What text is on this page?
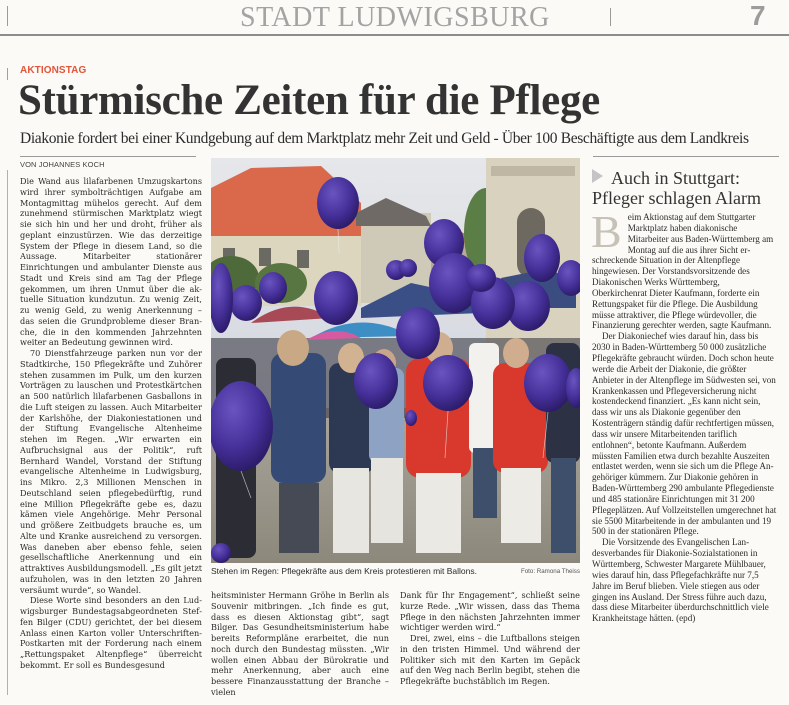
STADT LUDWIGSBURG	7
AKTIONSTAG
Stürmische Zeiten für die Pflege
Diakonie fordert bei einer Kundgebung auf dem Marktplatz mehr Zeit und Geld - Über 100 Beschäftigte aus dem Landkreis
VON JOHANNES KOCH

Die Wand aus lilafarbenen Umzugskartons wird ihrer symbolträchtigen Aufgabe am Montagmittag mühelos gerecht. Auf dem zunehmend stürmischen Marktplatz wiegt sie sich hin und her und droht, früher als geplant einzustürzen. Wie das derzeitige System der Pflege in diesem Land, so die Aussage. Mitarbeiter stationärer Einrichtungen und ambulanter Dienste aus Stadt und Kreis sind am Tag der Pflege gekommen, um ihren Unmut über die aktuelle Situation kundzutun. Zu wenig Zeit, zu wenig Geld, zu wenig Anerkennung – das seien die Grundprobleme dieser Branche, die in den kommenden Jahrzehnten weiter an Bedeutung gewinnen wird.

70 Dienstfahrzeuge parken nun vor der Stadtkirche, 150 Pflegekräfte und Zuhörer stehen zusammen im Pulk, um den kurzen Vorträgen zu lauschen und Protestkärtchen an 500 natürlich lilafarbenen Gasballons in die Luft steigen zu lassen. Auch Mitarbeiter der Karlshöhe, der Diakoniestationen und der Stiftung Evangelische Altenheime stehen im Regen. „Wir erwarten ein Aufbruchsignal aus der Politik“, ruft Bernhard Wandel, Vorstand der Stiftung evangelische Altenheime in Ludwigsburg, ins Mikro. 2,3 Millionen Menschen in Deutschland seien pflegebedürftig, rund eine Million Pflegekräfte gebe es, dazu kämen viele Angehörige. Mehr Personal und größere Zeitbudgets brauche es, um Alte und Kranke ausreichend zu versorgen. Was daneben aber ebenso fehle, seien gesellschaftliche Anerkennung und ein attraktives Ausbildungsmodell. „Es gilt jetzt aufzuholen, was in den letzten 20 Jahren versäumt wurde“, so Wandel.

Diese Worte sind besonders an den Ludwigsburger Bundestagsabgeordneten Steffen Bilger (CDU) gerichtet, der bei diesem Anlass einen Karton voller Unterschriften-Postkarten mit der Forderung nach einem „Rettungspaket Altenpflege“ überreicht bekommt. Er soll es Bundesgesund

Stehen im Regen: Pflegekräfte aus dem Kreis protestieren mit Ballons.	Foto: Ramona Theiss

heitsminister Hermann Gröhe in Berlin als Souvenir mitbringen. „Ich finde es gut, dass es diesen Aktionstag gibt“, sagt Bilger. Das Gesundheitsministerium habe bereits Reformpläne erarbeitet, die nun noch durch den Bundestag müssten. „Wir wollen einen Abbau der Bürokratie und mehr Anerkennung, aber auch eine bessere Finanzausstattung der Branche – vielen

Dank für Ihr Engagement“, schließt seine kurze Rede. „Wir wissen, dass das Thema Pflege in den nächsten Jahrzehnten immer wichtiger werden wird.“

Drei, zwei, eins – die Luftballons steigen in den tristen Himmel. Und während der Politiker sich mit den Karten im Gepäck auf den Weg nach Berlin begibt, stehen die Pflegekräfte buchstäblich im Regen.

Auch in Stuttgart: Pfleger schlagen Alarm

Beim Aktionstag auf dem Stuttgarter Marktplatz haben diakonische Mitarbeiter aus Baden-Württemberg am Montag auf die aus ihrer Sicht erschreckende Situation in der Altenpflege hingewiesen. Der Vorstandsvorsitzende des Diakonischen Werks Württemberg, Oberkirchenrat Dieter Kaufmann, forderte ein Rettungspaket für die Pflege. Die Ausbildung müsse attraktiver, die Pflege würdevoller, die Finanzierung gerechter werden, sagte Kaufmann.

Der Diakoniechef wies darauf hin, dass bis 2030 in Baden-Württemberg 50 000 zusätzliche Pflegekräfte gebraucht würden. Doch schon heute werde die Arbeit der Diakonie, die größter Anbieter in der Altenpflege im Südwesten sei, von Krankenkassen und Pflegeversicherung nicht kostendeckend finanziert. „Es kann nicht sein, dass wir uns als Diakonie gegenüber den Kostenträgern ständig dafür rechtfertigen müssen, dass wir unsere Mitarbeitenden tariflich entlohnen“, betonte Kaufmann. Außerdem müssten Familien etwa durch bezahlte Auszeiten entlastet werden, wenn sie sich um die Pflege Angehöriger kümmern. Zur Diakonie gehören in Baden-Württemberg 290 ambulante Pflegedienste und 485 stationäre Einrichtungen mit 31 200 Pflegeplätzen. Auf Vollzeitstellen umgerechnet hat sie 5500 Mitarbeitende in der ambulanten und 19 500 in der stationären Pflege.

Die Vorsitzende des Evangelischen Landesverbandes für Diakonie-Sozialstationen in Württemberg, Schwester Margarete Mühlbauer, wies darauf hin, dass Pflegefachkräfte nur 7,5 Jahre im Beruf blieben. Viele stiegen aus oder gingen ins Ausland. Der Stress führe auch dazu, dass diese Mitarbeiter überdurchschnittlich viele Krankheitstage hätten. (epd)
